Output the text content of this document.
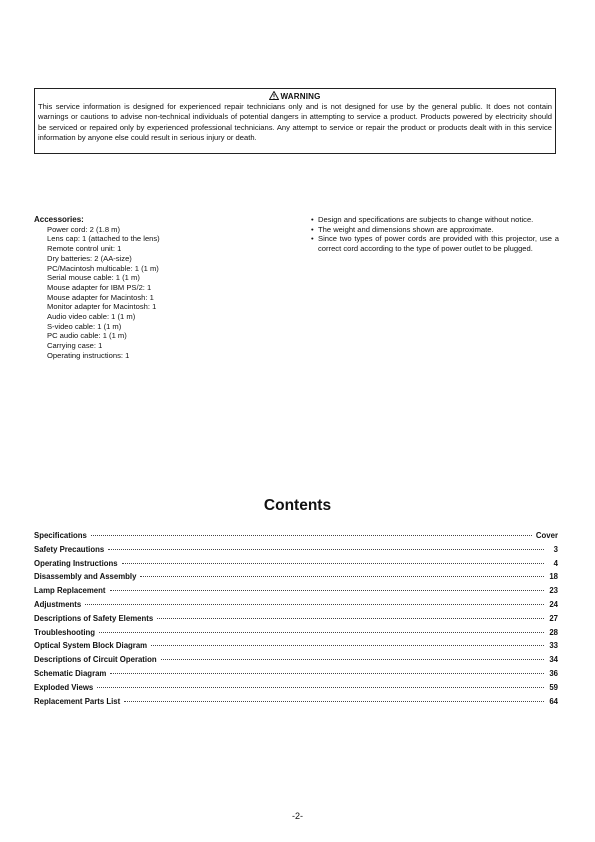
WARNING
This service information is designed for experienced repair technicians only and is not designed for use by the general public. It does not contain warnings or cautions to advise non-technical individuals of potential dangers in attempting to service a product. Products powered by electricity should be serviced or repaired only by experienced professional technicians. Any attempt to service or repair the product or products dealt with in this service information by anyone else could result in serious injury or death.
Accessories:
Power cord: 2 (1.8 m)
Lens cap: 1 (attached to the lens)
Remote control unit: 1
Dry batteries: 2 (AA-size)
PC/Macintosh multicable: 1 (1 m)
Serial mouse cable: 1 (1 m)
Mouse adapter for IBM PS/2: 1
Mouse adapter for Macintosh: 1
Monitor adapter for Macintosh: 1
Audio video cable: 1 (1 m)
S-video cable: 1 (1 m)
PC audio cable: 1 (1 m)
Carrying case: 1
Operating instructions: 1
• Design and specifications are subjects to change without notice.
• The weight and dimensions shown are approximate.
• Since two types of power cords are provided with this projector, use a correct cord according to the type of power outlet to be plugged.
Contents
Specifications	Cover
Safety Precautions	3
Operating Instructions	4
Disassembly and Assembly	18
Lamp Replacement	23
Adjustments	24
Descriptions of Safety Elements	27
Troubleshooting	28
Optical System Block Diagram	33
Descriptions of Circuit Operation	34
Schematic Diagram	36
Exploded Views	59
Replacement Parts List	64
-2-
